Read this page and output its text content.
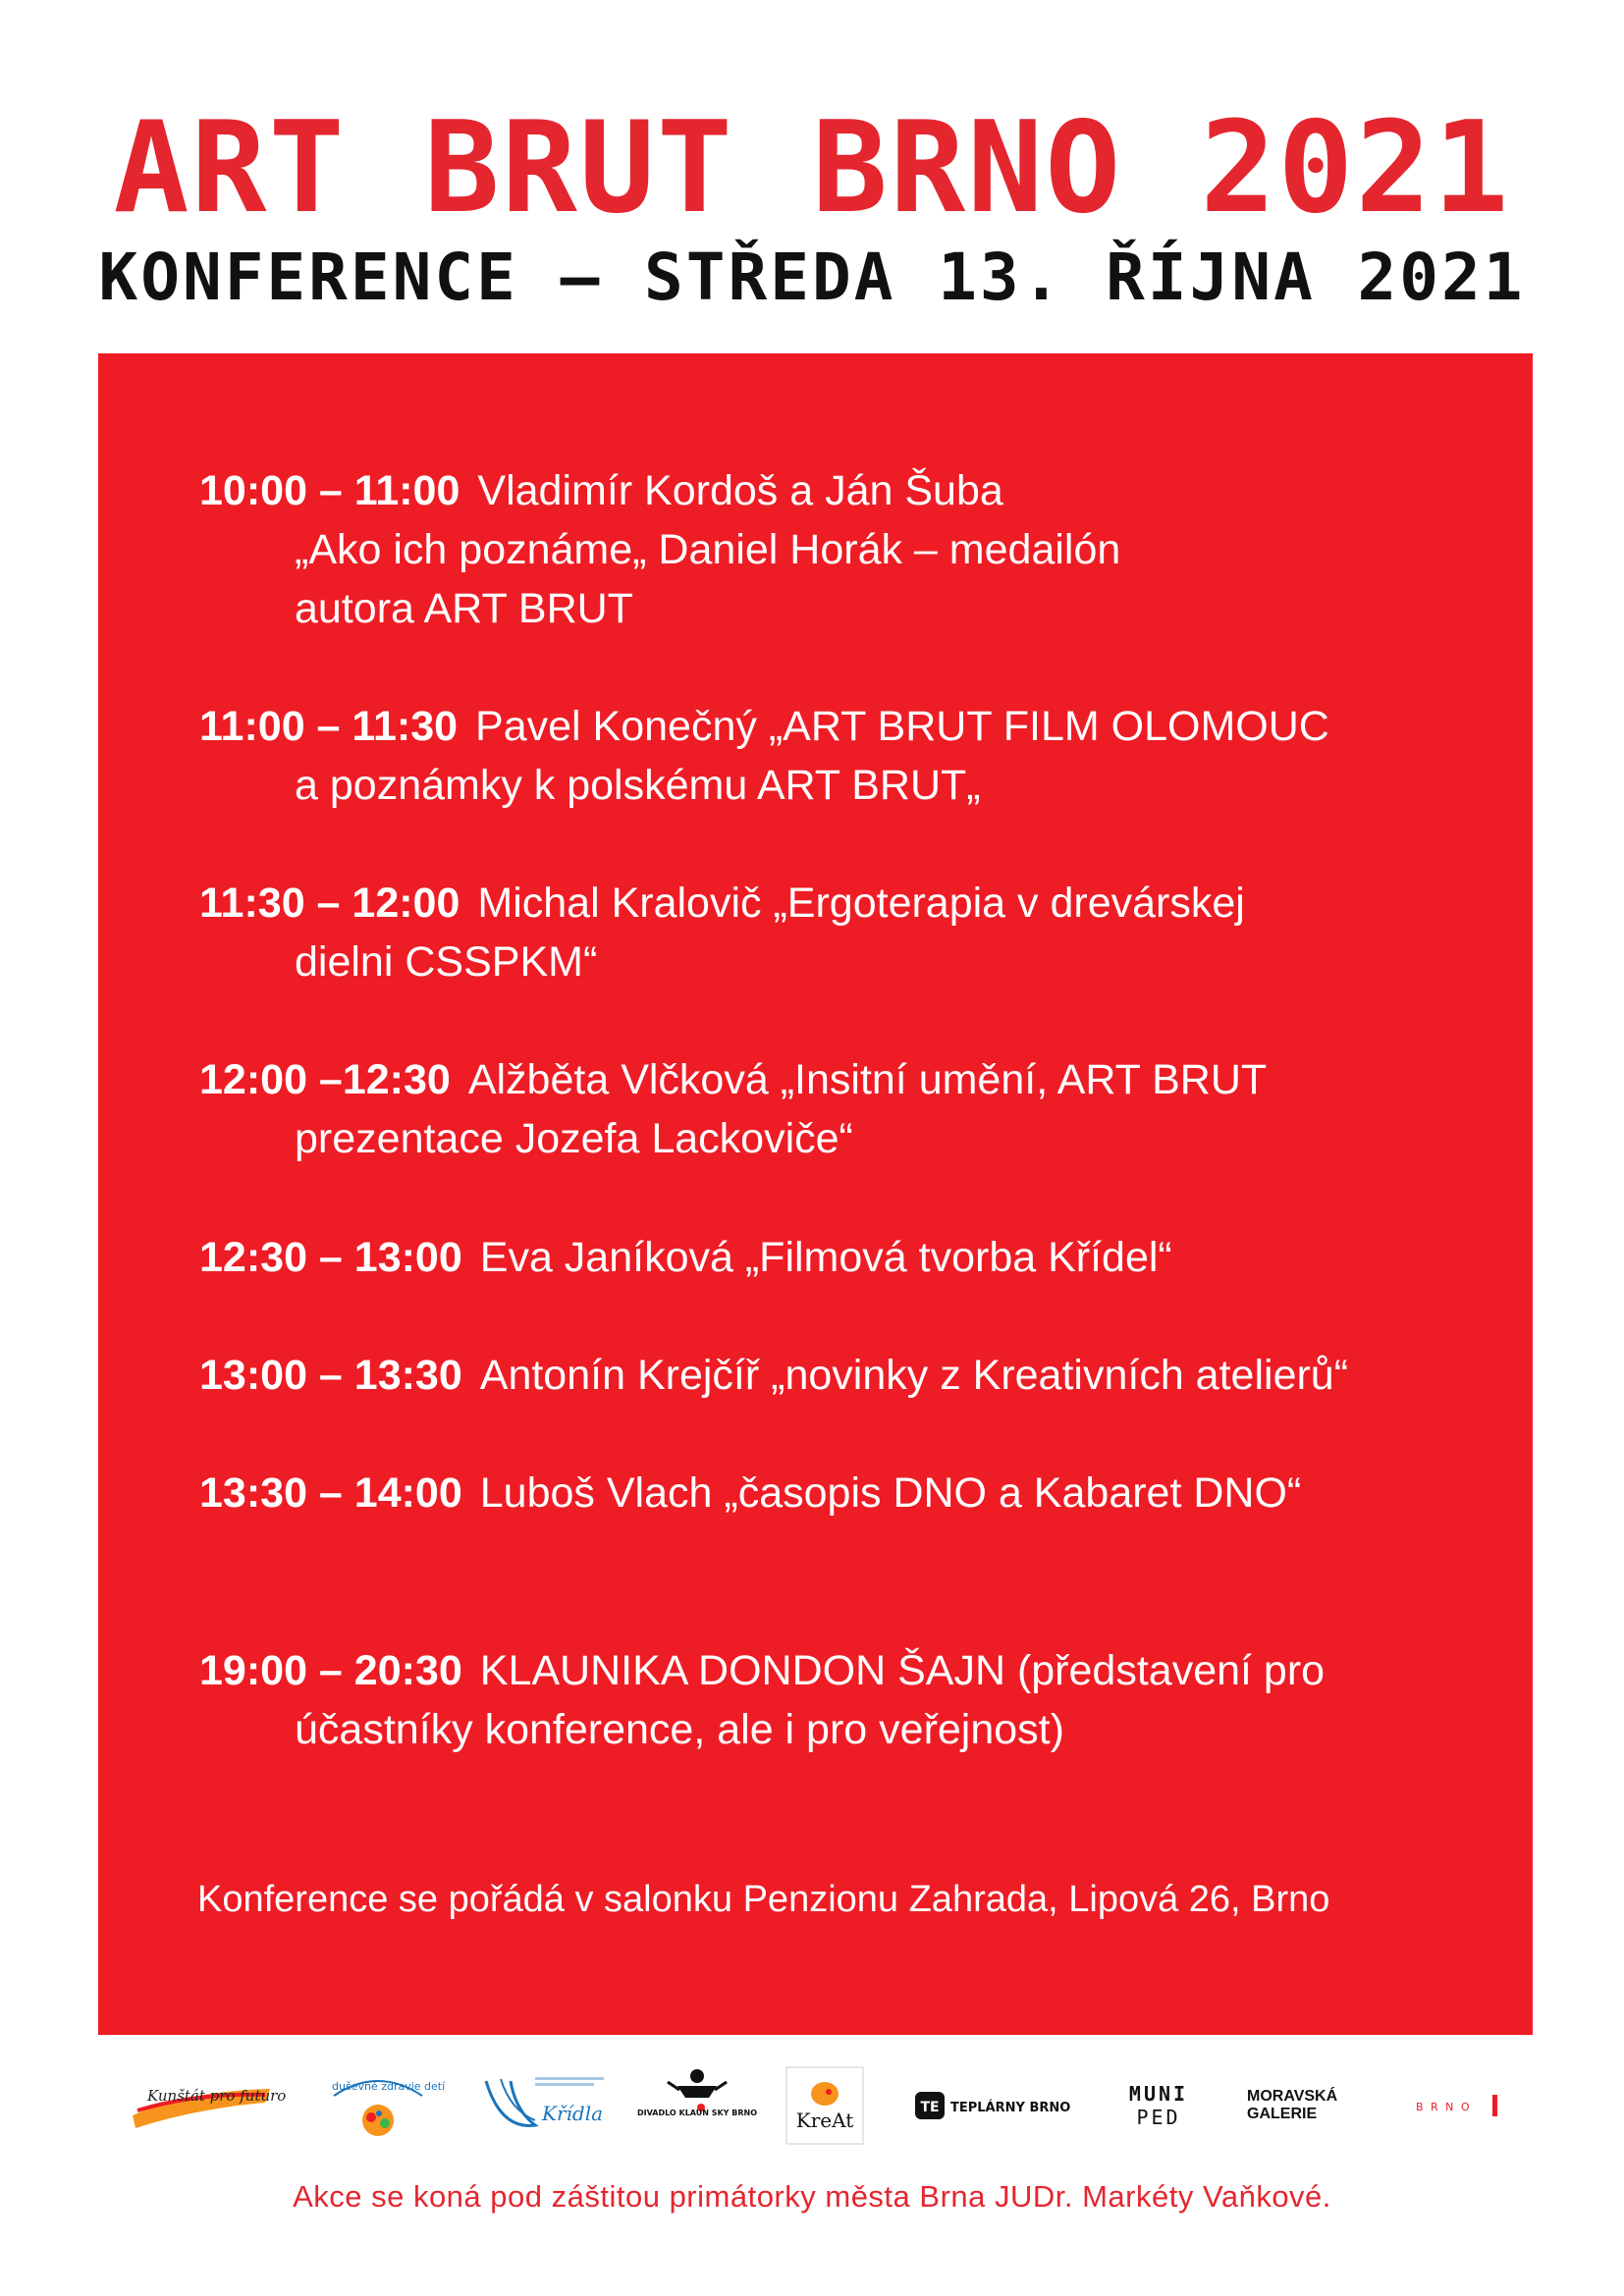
ART BRUT BRNO 2021
KONFERENCE — STŘEDA 13. ŘÍJNA 2021
10:00 – 11:00 Vladimír Kordoš a Ján Šuba
„Ako ich poznáme„ Daniel Horák – medailón
autora ART BRUT
11:00 – 11:30 Pavel Konečný „ART BRUT FILM OLOMOUC
a poznámky k polskému ART BRUT„
11:30 – 12:00 Michal Kralovič „Ergoterapia v drevárskej
dielni CSSPKM“
12:00 –12:30 Alžběta Vlčková „Insitní umění, ART BRUT
prezentace Jozefa Lackoviče“
12:30 – 13:00 Eva Janíková „Filmová tvorba Křídel“
13:00 – 13:30 Antonín Krejčíř „novinky z Kreativních atelierů“
13:30 – 14:00 Luboš Vlach „časopis DNO a Kabaret DNO“
19:00 – 20:30 KLAUNIKA DONDON ŠAJN (představení pro
účastníky konference, ale i pro veřejnost)
Konference se pořádá v salonku Penzionu Zahrada, Lipová 26, Brno
Kunštát pro futuro
duševné zdravie detí
Křídla	DIVADLO KLAUN SKY BRNO KreAt
TE TEPLÁRNY BRNO
MUNI
PED
MORAVSKÁ
GALERIE	B R N O
Akce se koná pod záštitou primátorky města Brna JUDr. Markéty Vaňkové.
